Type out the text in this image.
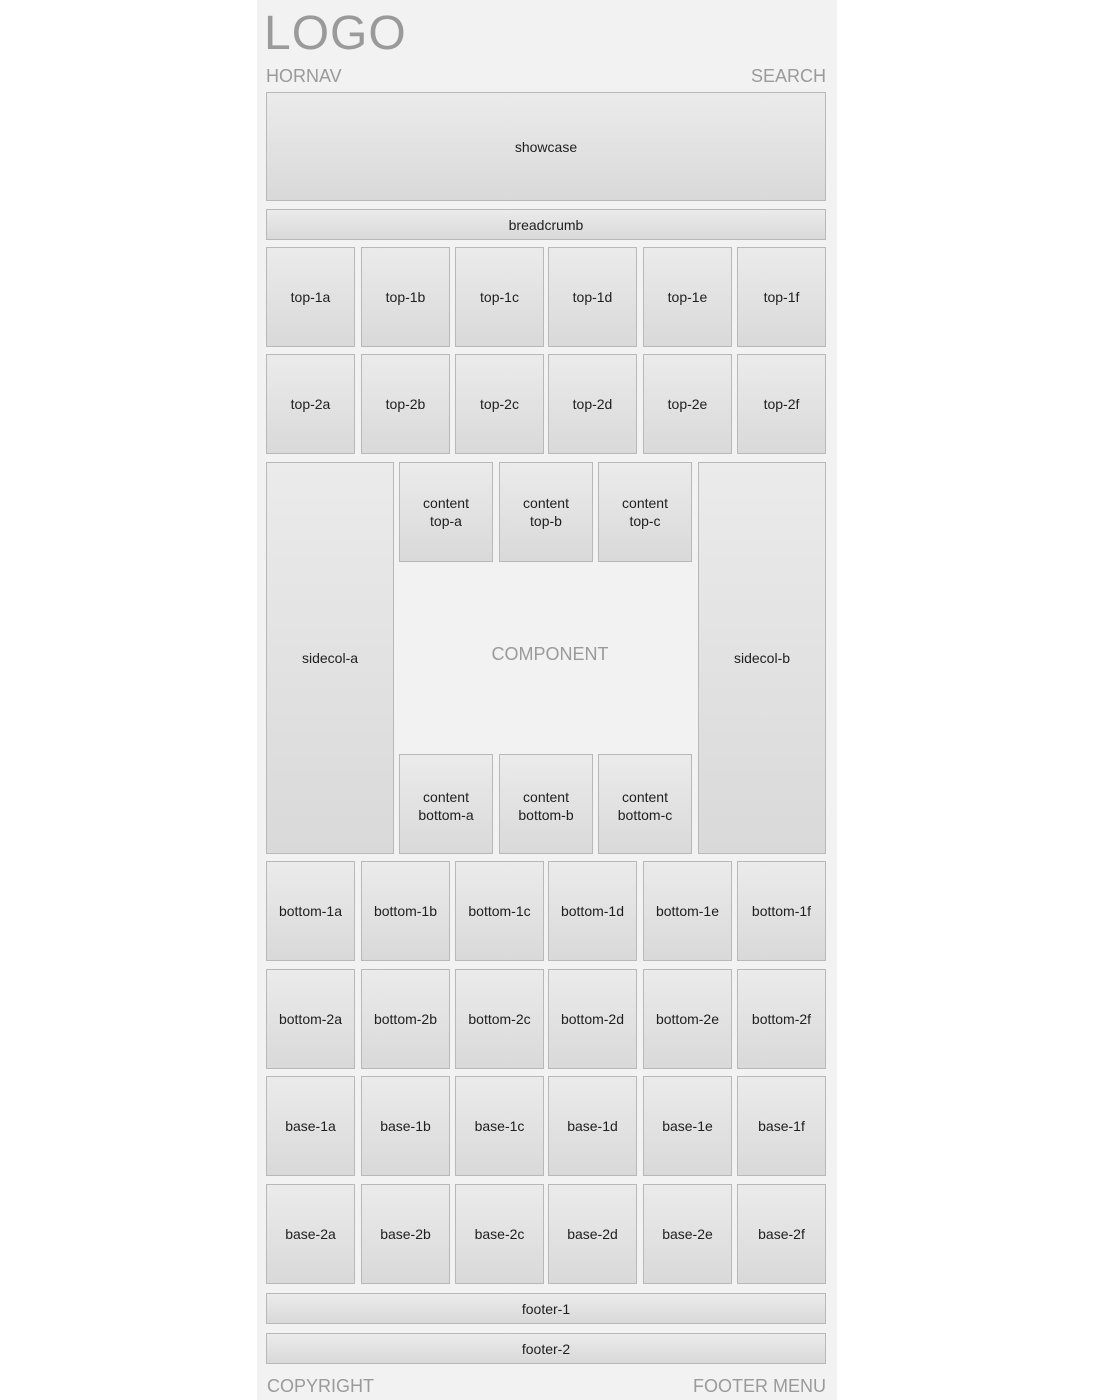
LOGO
HORNAV	SEARCH
showcase
breadcrumb
top-1a	top-1b	top-1c	top-1d	top-1e	top-1f
top-2a	top-2b	top-2c	top-2d	top-2e	top-2f
sidecol-a
content
top-a
content
top-b
content
top-c
COMPONENT
content
bottom-a
content
bottom-b
content
bottom-c
sidecol-b
bottom-1a	bottom-1b	bottom-1c	bottom-1d	bottom-1e	bottom-1f
bottom-2a	bottom-2b	bottom-2c	bottom-2d	bottom-2e	bottom-2f
base-1a	base-1b	base-1c	base-1d	base-1e	base-1f
base-2a	base-2b	base-2c	base-2d	base-2e	base-2f
footer-1
footer-2
COPYRIGHT	FOOTER MENU
